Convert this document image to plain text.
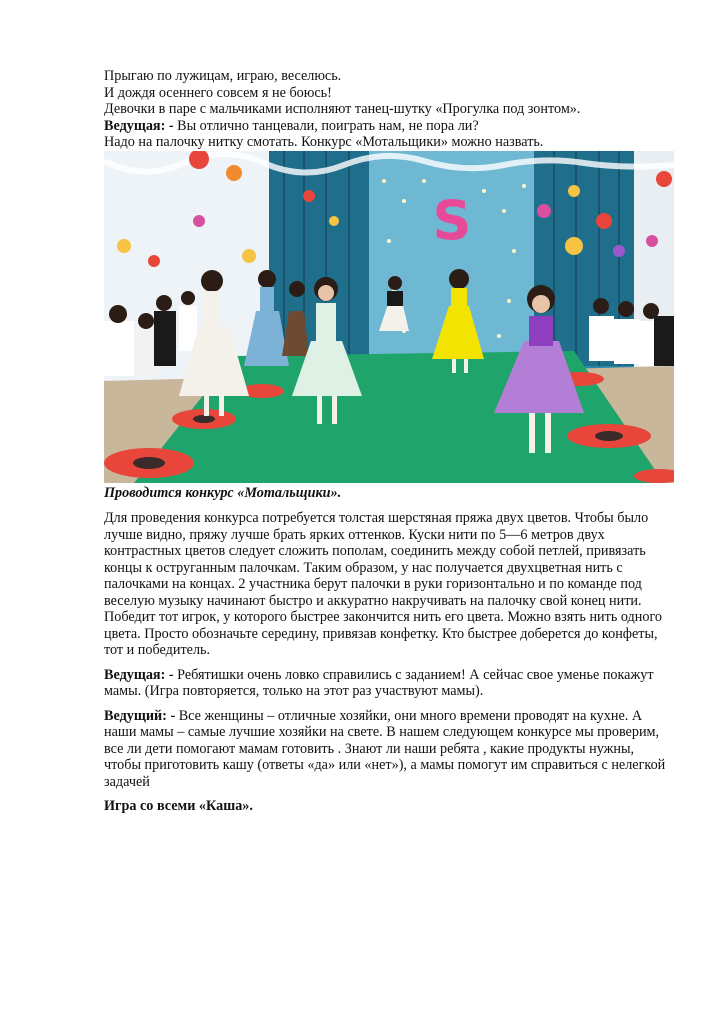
Прыгаю по лужицам, играю, веселюсь.
И дождя осеннего совсем я не боюсь!
Девочки в паре с мальчиками исполняют танец-шутку «Прогулка под зонтом».
Ведущая: - Вы отлично танцевали, поиграть нам, не пора ли?
Надо на палочку нитку смотать. Конкурс «Мотальщики» можно назвать.
S
Проводится конкурс «Мотальщики».

Для проведения конкурса потребуется толстая шерстяная пряжа двух цветов. Чтобы было лучше видно, пряжу лучше брать ярких оттенков. Куски нити по 5—6 метров двух контрастных цветов следует сложить пополам, соединить между собой петлей, привязать концы к оструганным палочкам. Таким образом, у нас получается двухцветная нить с палочками на концах. 2 участника берут палочки в руки горизонтально и по команде под веселую музыку начинают быстро и аккуратно накручивать на палочку свой конец нити. Победит тот игрок, у которого быстрее закончится нить его цвета. Можно взять нить одного цвета. Просто обозначьте середину, привязав конфетку. Кто быстрее доберется до конфеты, тот и победитель.

Ведущая: - Ребятишки очень ловко справились с заданием! А сейчас свое уменье покажут мамы. (Игра повторяется, только на этот раз участвуют мамы).

Ведущий: - Все женщины – отличные хозяйки, они много времени проводят на кухне. А наши мамы – самые лучшие хозяйки на свете. В нашем следующем конкурсе мы проверим, все ли дети помогают мамам готовить . Знают ли наши ребята , какие продукты нужны, чтобы приготовить кашу (ответы «да» или «нет»), а мамы помогут им справиться с нелегкой задачей

Игра со всеми «Каша».
